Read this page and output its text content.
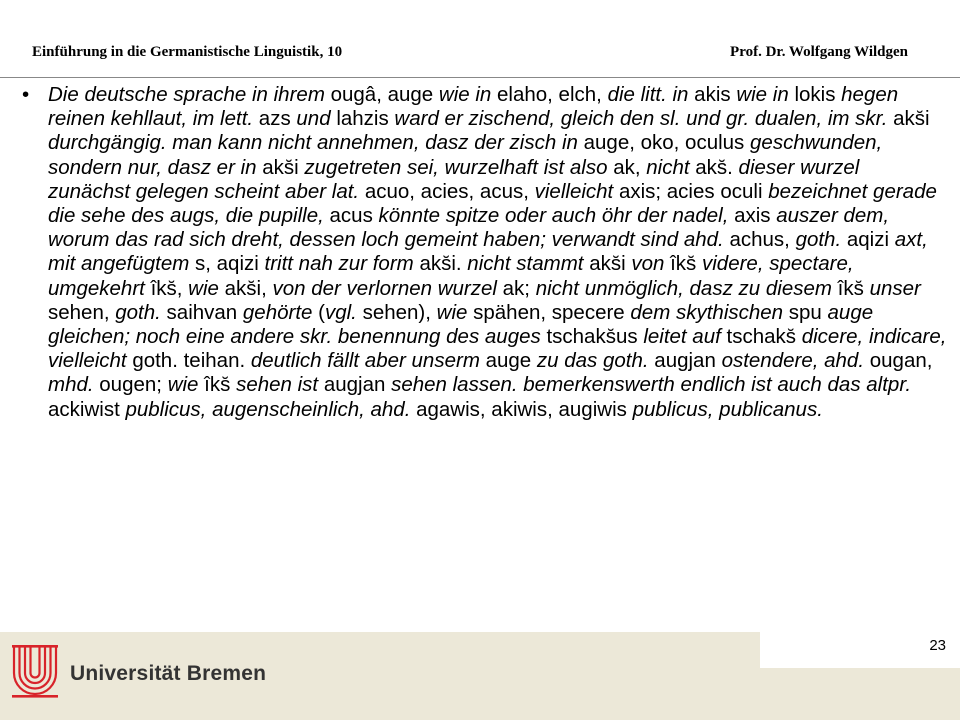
Einführung in die Germanistische Linguistik, 10	Prof. Dr. Wolfgang Wildgen
• Die deutsche sprache in ihrem ougâ, auge wie in elaho, elch, die litt. in akis wie in lokis hegen reinen kehllaut, im lett. azs und lahzis ward er zischend, gleich den sl. und gr. dualen, im skr. aks̆i durchgängig. man kann nicht annehmen, dasz der zisch in auge, oko, oculus geschwunden, sondern nur, dasz er in aks̆i zugetreten sei, wurzelhaft ist also ak, nicht aks̆. dieser wurzel zunächst gelegen scheint aber lat. acuo, acies, acus, vielleicht axis; acies oculi bezeichnet gerade die sehe des augs, die pupille, acus könnte spitze oder auch öhr der nadel, axis auszer dem, worum das rad sich dreht, dessen loch gemeint haben; verwandt sind ahd. achus, goth. aqizi axt, mit angefügtem s, aqizi tritt nah zur form aks̆i. nicht stammt aks̆i von îks̆ videre, spectare, umgekehrt îks̆, wie aks̆i, von der verlornen wurzel ak; nicht unmöglich, dasz zu diesem îks̆ unser sehen, goth. saihvan gehörte (vgl. sehen), wie spähen, specere dem skythischen spu auge gleichen; noch eine andere skr. benennung des auges tschaks̆us leitet auf tschaks̆ dicere, indicare, vielleicht goth. teihan. deutlich fällt aber unserm auge zu das goth. augjan ostendere, ahd. ougan, mhd. ougen; wie îks̆ sehen ist augjan sehen lassen. bemerkenswerth endlich ist auch das altpr. ackiwist publicus, augenscheinlich, ahd. agawis, akiwis, augiwis publicus, publicanus.
23
Universität Bremen
